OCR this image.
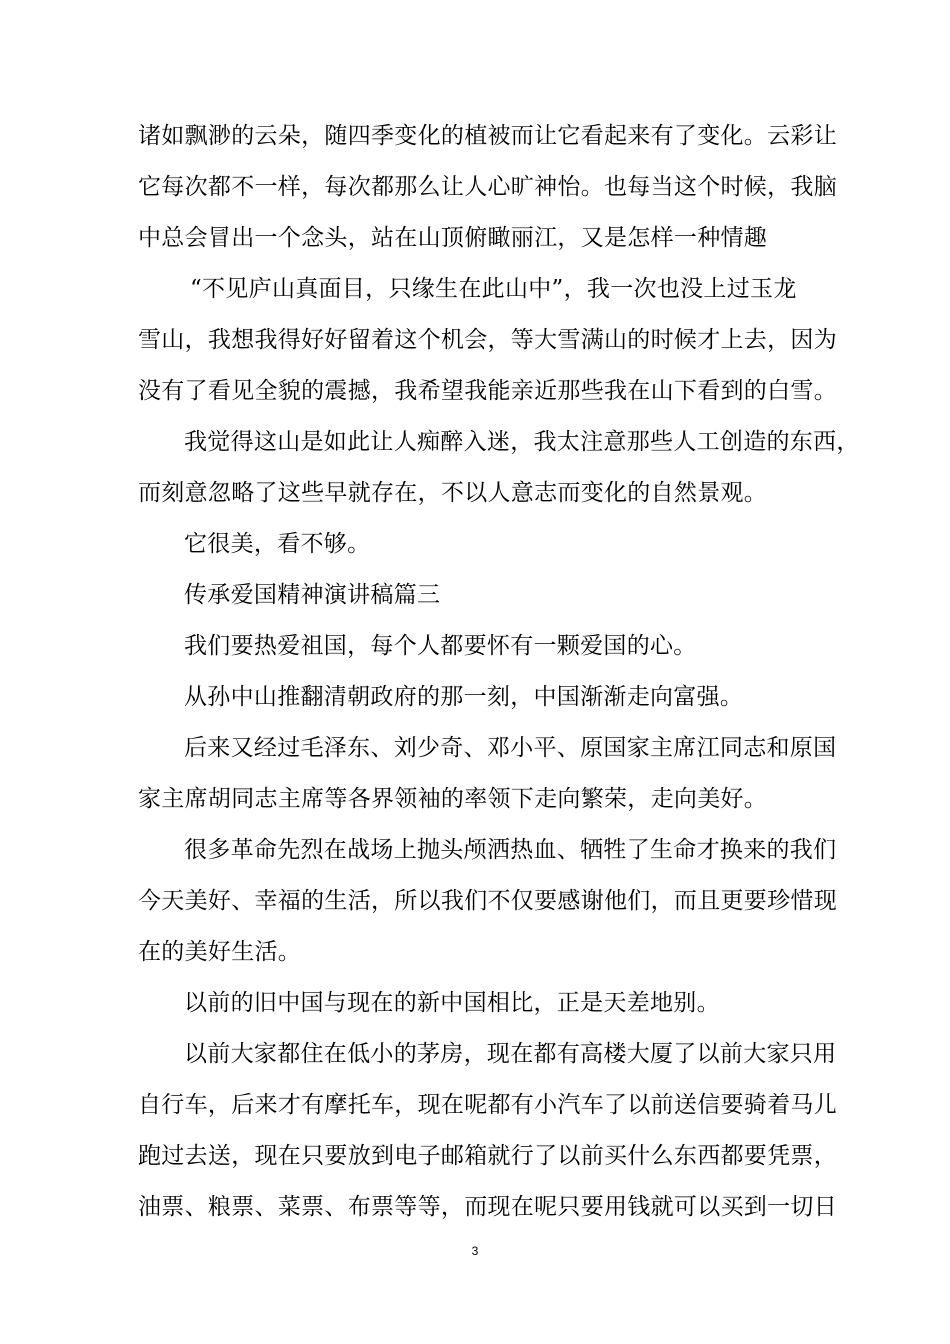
诸如飘渺的云朵，随四季变化的植被而让它看起来有了变化。云彩让
它每次都不一样，每次都那么让人心旷神怡。也每当这个时候，我脑
中总会冒出一个念头，站在山顶俯瞰丽江，又是怎样一种情趣
“不见庐山真面目，只缘生在此山中”，我一次也没上过玉龙
雪山，我想我得好好留着这个机会，等大雪满山的时候才上去，因为
没有了看见全貌的震撼，我希望我能亲近那些我在山下看到的白雪。
我觉得这山是如此让人痴醉入迷，我太注意那些人工创造的东西，
而刻意忽略了这些早就存在，不以人意志而变化的自然景观。
它很美，看不够。
传承爱国精神演讲稿篇三
我们要热爱祖国，每个人都要怀有一颗爱国的心。
从孙中山推翻清朝政府的那一刻，中国渐渐走向富强。
后来又经过毛泽东、刘少奇、邓小平、原国家主席江同志和原国
家主席胡同志主席等各界领袖的率领下走向繁荣，走向美好。
很多革命先烈在战场上抛头颅洒热血、牺牲了生命才换来的我们
今天美好、幸福的生活，所以我们不仅要感谢他们，而且更要珍惜现
在的美好生活。
以前的旧中国与现在的新中国相比，正是天差地别。
以前大家都住在低小的茅房，现在都有高楼大厦了以前大家只用
自行车，后来才有摩托车，现在呢都有小汽车了以前送信要骑着马儿
跑过去送，现在只要放到电子邮箱就行了以前买什么东西都要凭票，
油票、粮票、菜票、布票等等，而现在呢只要用钱就可以买到一切日
3
